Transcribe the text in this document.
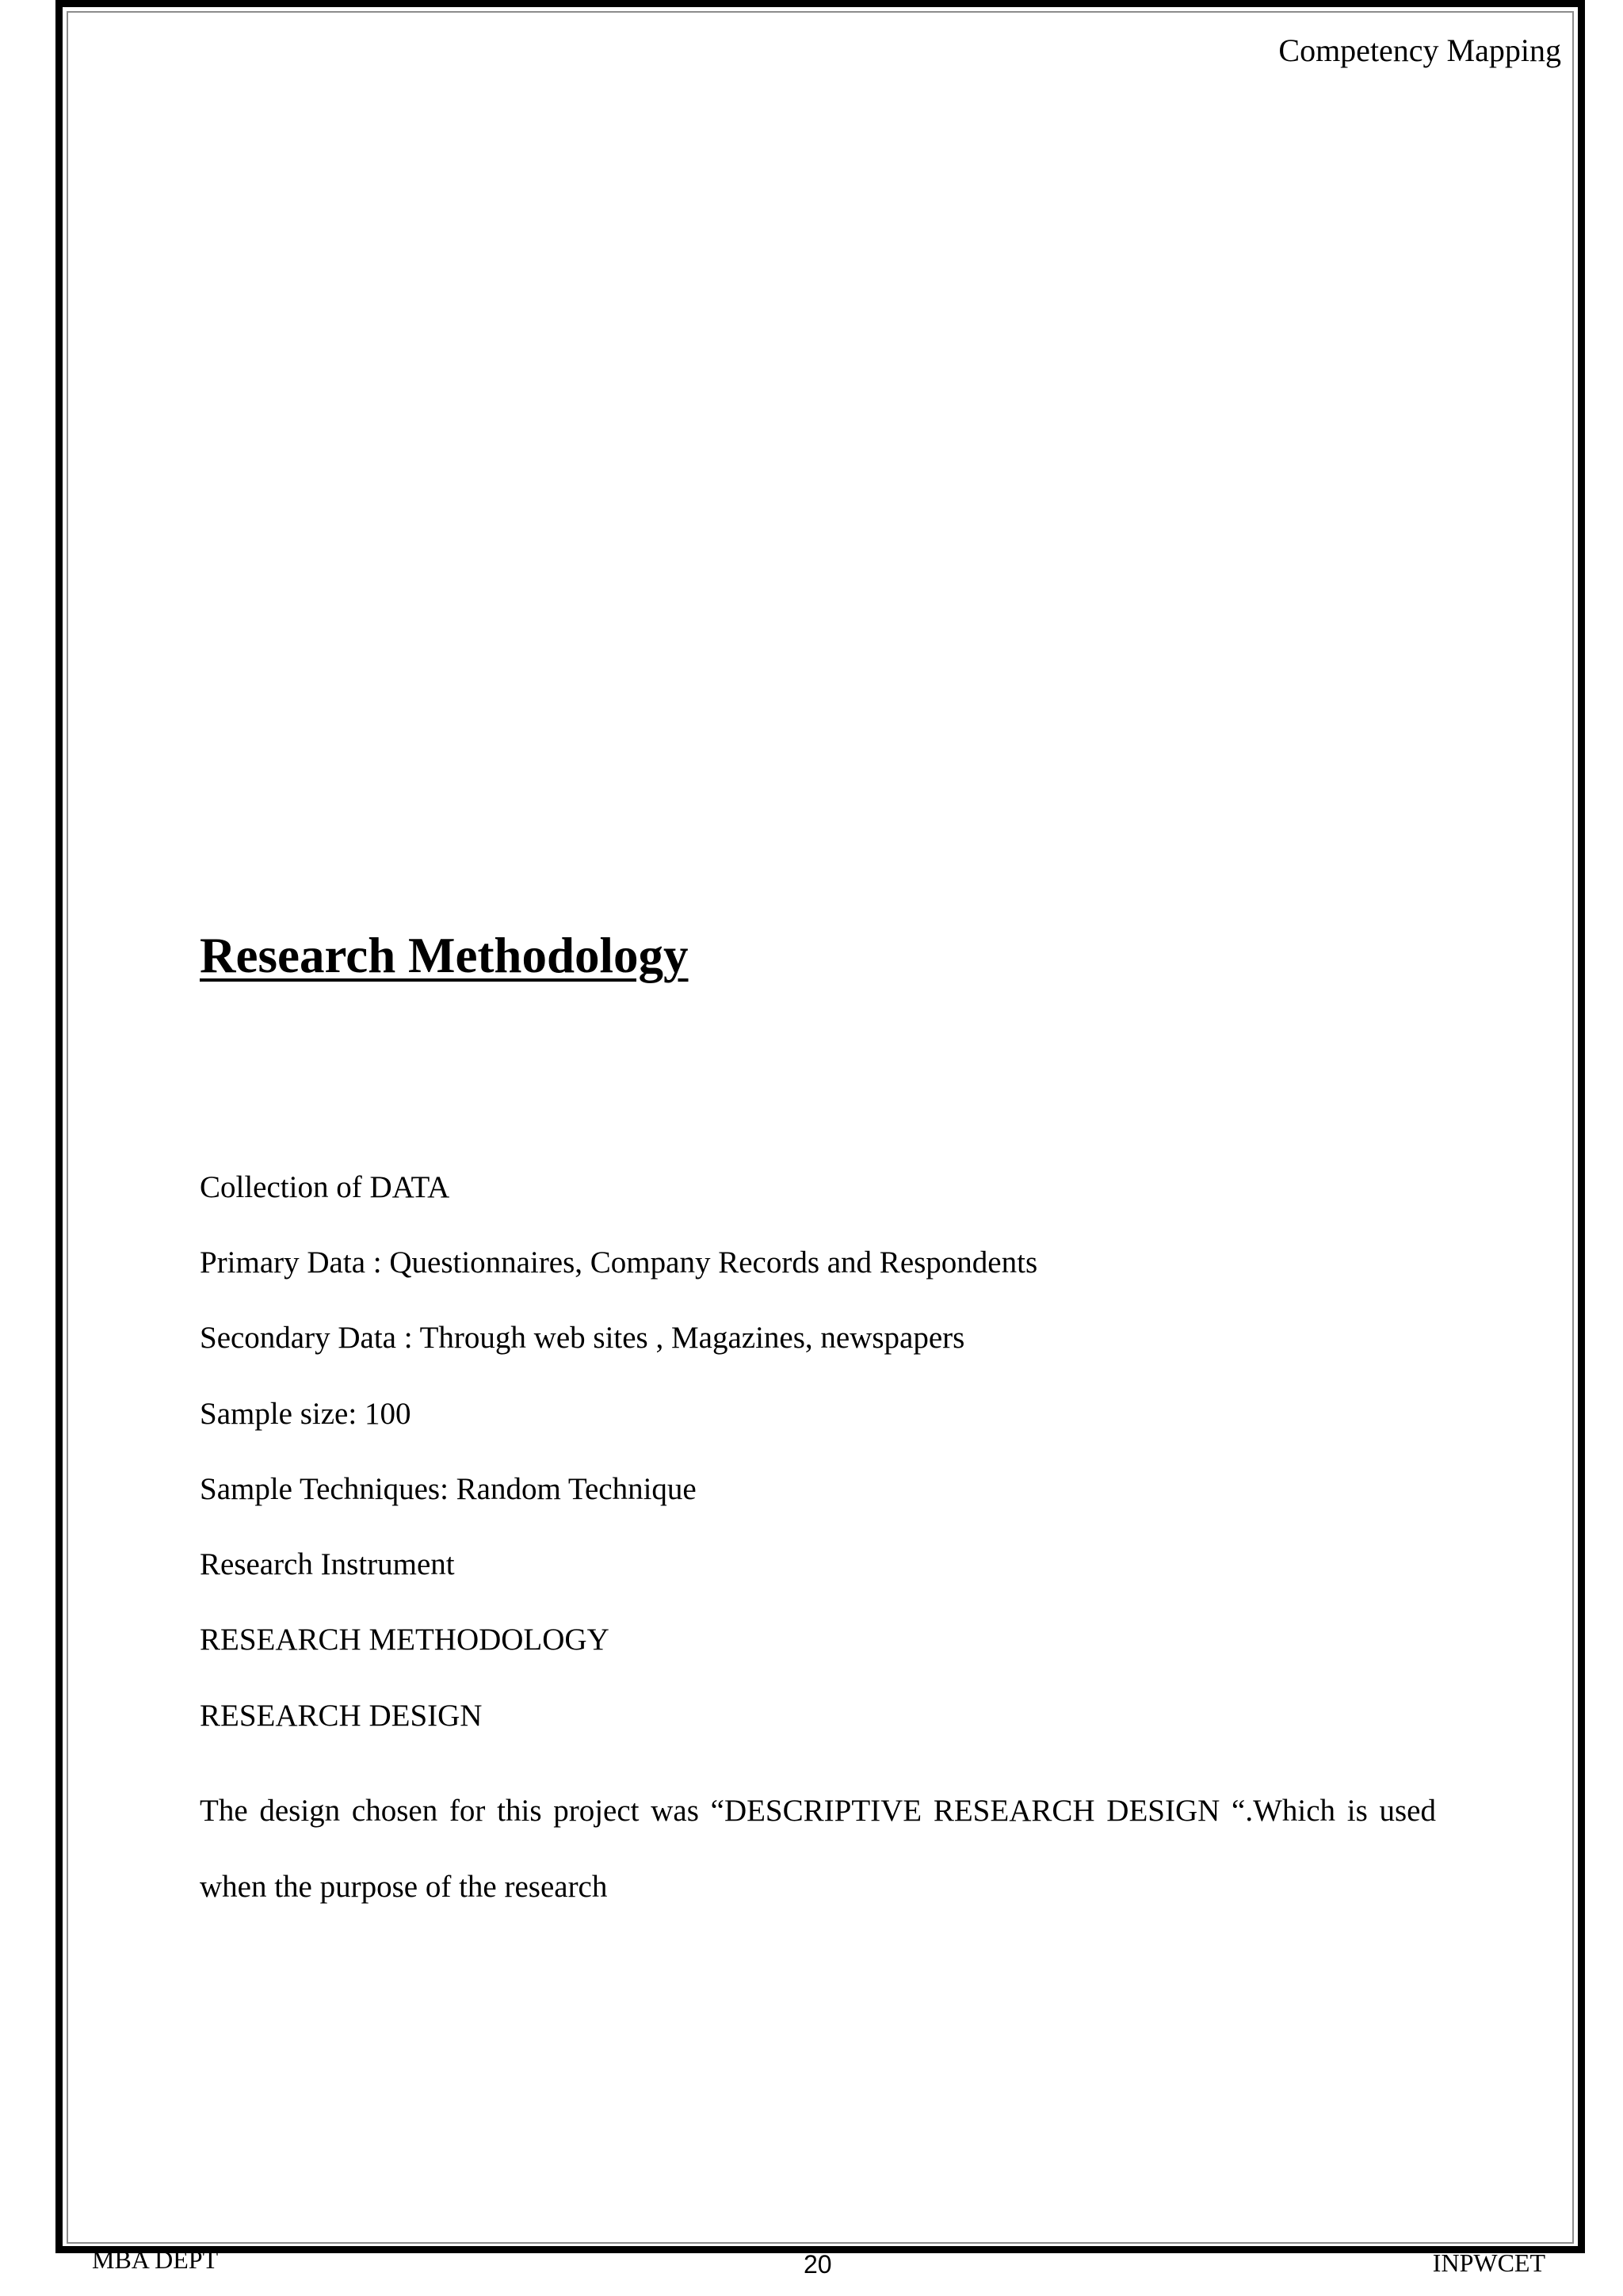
Competency Mapping
Research Methodology
Collection of DATA
Primary Data : Questionnaires, Company Records and Respondents
Secondary Data : Through web sites , Magazines, newspapers
Sample size: 100
Sample Techniques: Random Technique
Research Instrument
RESEARCH METHODOLOGY
RESEARCH DESIGN
The design chosen for this project was “DESCRIPTIVE RESEARCH DESIGN “.Which is used when the purpose of the research
MBA DEPT	20	INPWCET
